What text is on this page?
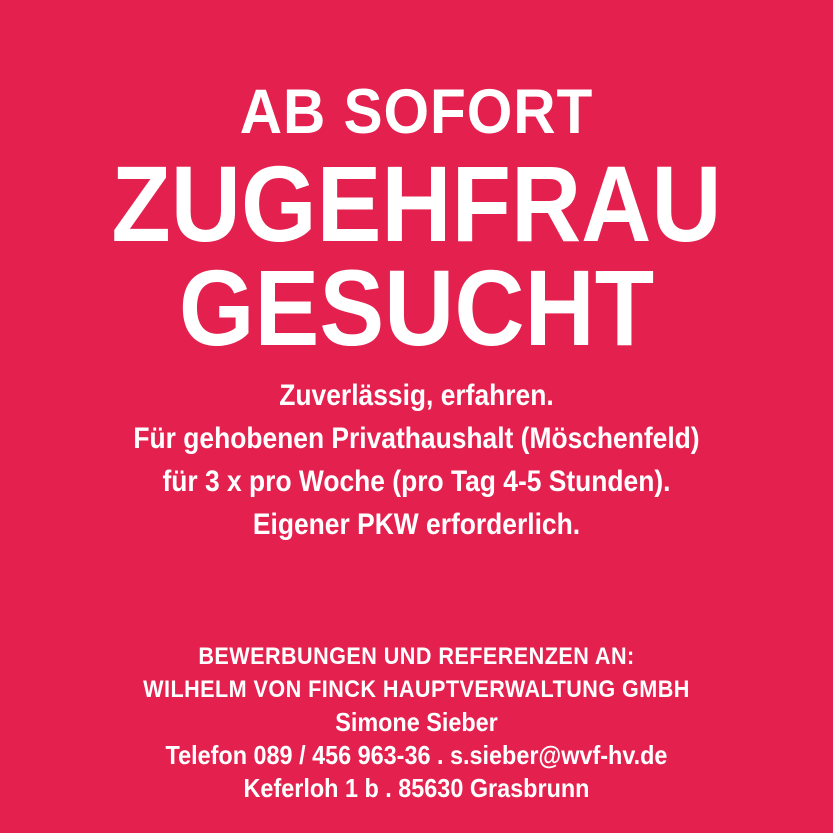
AB SOFORT
ZUGEHFRAU
GESUCHT
Zuverlässig, erfahren.
Für gehobenen Privathaushalt (Möschenfeld)
für 3 x pro Woche (pro Tag 4-5 Stunden).
Eigener PKW erforderlich.
BEWERBUNGEN UND REFERENZEN AN:
WILHELM VON FINCK HAUPTVERWALTUNG GMBH
Simone Sieber
Telefon 089 / 456 963-36 . s.sieber@wvf-hv.de
Keferloh 1 b . 85630 Grasbrunn
